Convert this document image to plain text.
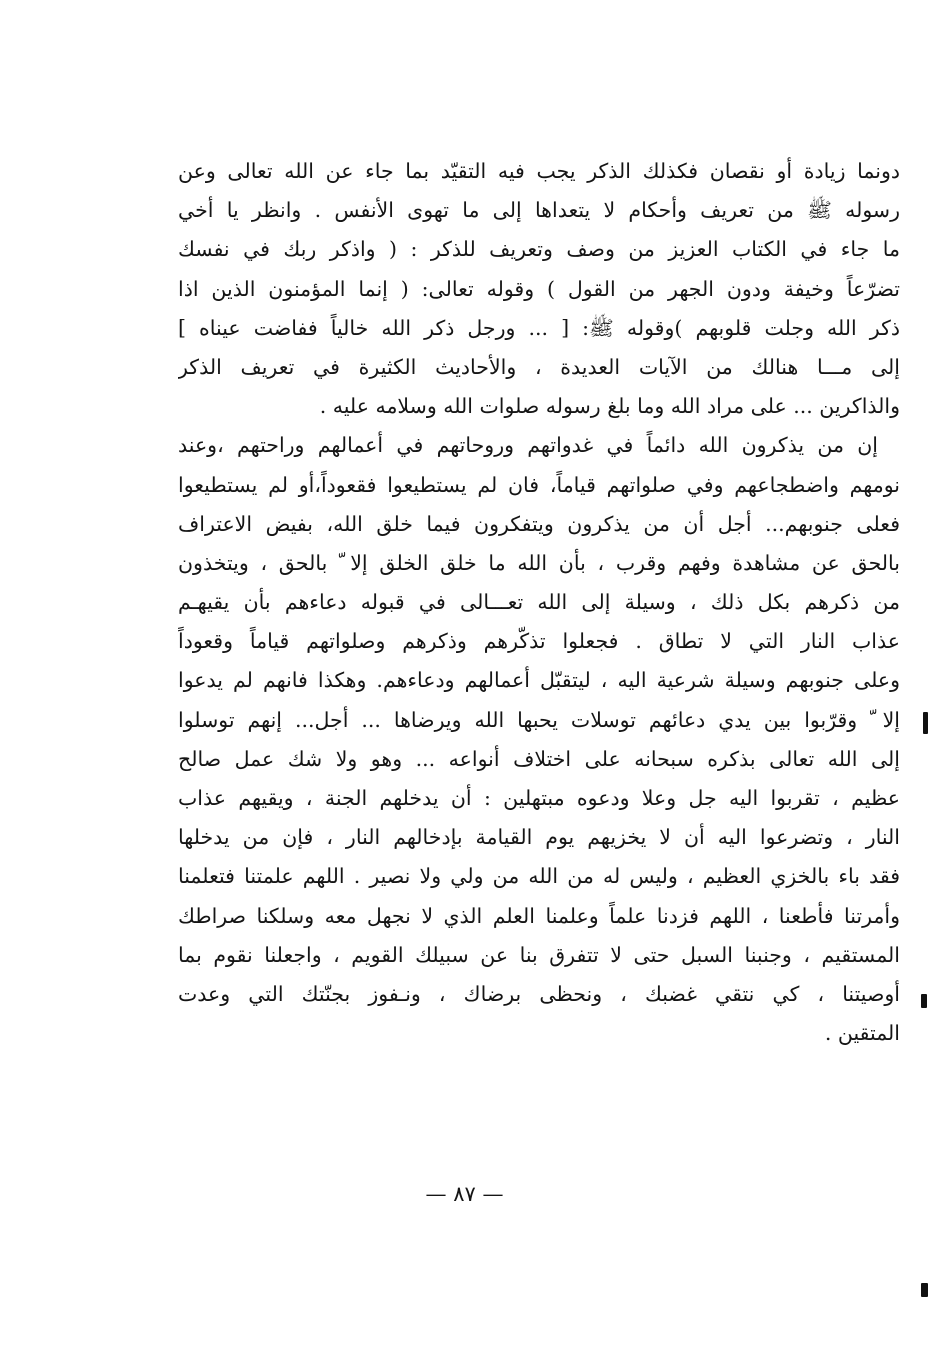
دونما زيادة أو نقصان فكذلك الذكر يجب فيه التقيّد بما جاء عن الله تعالى وعن
رسوله ﷺ من تعريف وأحكام لا يتعداها إلى ما تهوى الأنفس . وانظر يا أخي
ما جاء في الكتاب العزيز من وصف وتعريف للذكر : ( واذكر ربك في نفسك
تضرّعاً وخيفة ودون الجهر من القول ) وقوله تعالى: ( إنما المؤمنون الذين اذا
ذكر الله وجلت قلوبهم )وقوله ﷺ: [ ... ورجل ذكر الله خالياً ففاضت عيناه ]
إلى مـــا هنالك من الآيات العديدة ، والأحاديث الكثيرة في تعريف الذكر
والذاكرين ... على مراد الله وما بلغ رسوله صلوات الله وسلامه عليه .
إن من يذكرون الله دائماً في غدواتهم وروحاتهم في أعمالهم وراحتهم ،وعند
نومهم واضطجاعهم وفي صلواتهم قياماً، فان لم يستطيعوا فقعوداً،أو لم يستطيعوا
فعلى جنوبهم... أجل أن من يذكرون ويتفكرون فيما خلق الله، بفيض الاعتراف
بالحق عن مشاهدة وفهم وقرب ، بأن الله ما خلق الخلق إلا ّ بالحق ، ويتخذون
من ذكرهم بكل ذلك ، وسيلة إلى الله تعـــالى في قبوله دعاءهم بأن يقيهـم
عذاب النار التي لا تطاق . فجعلوا تذكّرهم وذكرهم وصلواتهم قياماً وقعوداً
وعلى جنوبهم وسيلة شرعية اليه ، ليتقبّل أعمالهم ودعاءهم. وهكذا فانهم لم يدعوا
إلا ّ وقرّبوا بين يدي دعائهم توسلات يحبها الله ويرضاها ... أجل... إنهم توسلوا
إلى الله تعالى بذكره سبحانه على اختلاف أنواعه ... وهو ولا شك عمل صالح
عظيم ، تقربوا اليه جل وعلا ودعوه مبتهلين : أن يدخلهم الجنة ، ويقيهم عذاب
النار ، وتضرعوا اليه أن لا يخزيهم يوم القيامة بإدخالهم النار ، فإن من يدخلها
فقد باء بالخزي العظيم ، وليس له من الله من ولي ولا نصير . اللهم علمتنا فتعلمنا
وأمرتنا فأطعنا ، اللهم فزدنا علماً وعلمنا العلم الذي لا نجهل معه وسلكنا صراطك
المستقيم ، وجنبنا السبل حتى لا تتفرق بنا عن سبيلك القويم ، واجعلنا نقوم بما
أوصيتنا ، كي نتقي غضبك ، ونحظى برضاك ، ونـفوز بجنّتك التي وعدت
المتقين .
— ٨٧ —
